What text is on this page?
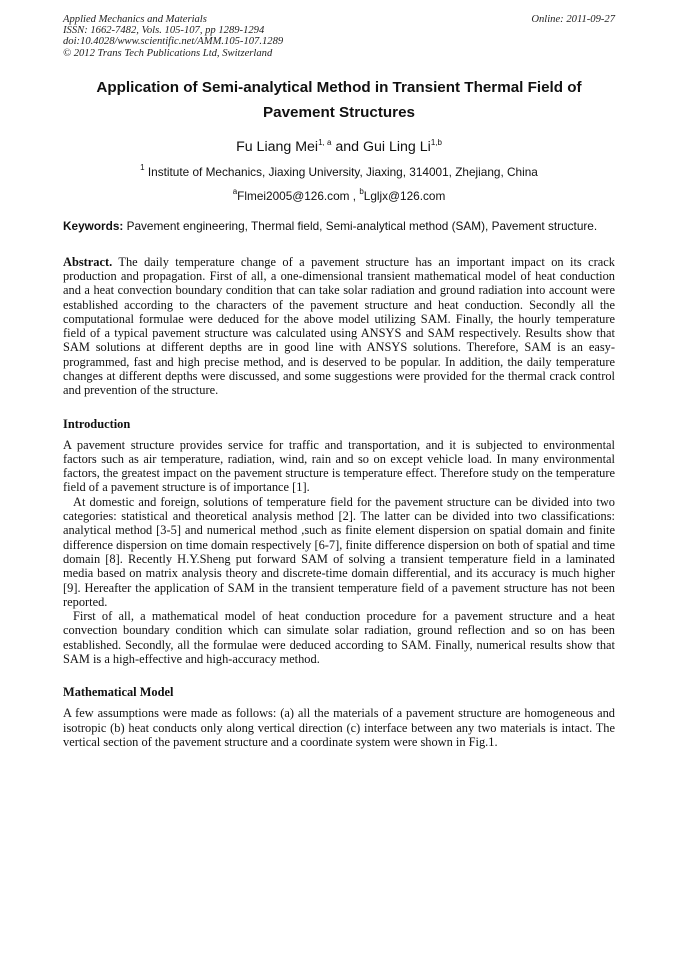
Applied Mechanics and Materials
ISSN: 1662-7482, Vols. 105-107, pp 1289-1294
doi:10.4028/www.scientific.net/AMM.105-107.1289
© 2012 Trans Tech Publications Ltd, Switzerland
Online: 2011-09-27
Application of Semi-analytical Method in Transient Thermal Field of
Pavement Structures
Fu Liang Mei$^{1, a}$ and Gui Ling Li$^{1,b}$
$^1$ Institute of Mechanics, Jiaxing University, Jiaxing, 314001, Zhejiang, China
$^a$Flmei2005@126.com , $^b$Lgljx@126.com
Keywords: Pavement engineering, Thermal field, Semi-analytical method (SAM), Pavement structure.
Abstract. The daily temperature change of a pavement structure has an important impact on its crack production and propagation. First of all, a one-dimensional transient mathematical model of heat conduction and a heat convection boundary condition that can take solar radiation and ground radiation into account were established according to the characters of the pavement structure and heat conduction. Secondly all the computational formulae were deduced for the above model utilizing SAM. Finally, the hourly temperature field of a typical pavement structure was calculated using ANSYS and SAM respectively. Results show that SAM solutions at different depths are in good line with ANSYS solutions. Therefore, SAM is an easy-programmed, fast and high precise method, and is deserved to be popular. In addition, the daily temperature changes at different depths were discussed, and some suggestions were provided for the thermal crack control and prevention of the structure.
Introduction

A pavement structure provides service for traffic and transportation, and it is subjected to environmental factors such as air temperature, radiation, wind, rain and so on except vehicle load. In many environmental factors, the greatest impact on the pavement structure is temperature effect. Therefore study on the temperature field of a pavement structure is of importance [1].

At domestic and foreign, solutions of temperature field for the pavement structure can be divided into two categories: statistical and theoretical analysis method [2]. The latter can be divided into two classifications: analytical method [3-5] and numerical method ,such as finite element dispersion on spatial domain and finite difference dispersion on time domain respectively [6-7], finite difference dispersion on both of spatial and time domain [8]. Recently H.Y.Sheng put forward SAM of solving a transient temperature field in a laminated media based on matrix analysis theory and discrete-time domain differential, and its accuracy is much higher [9]. Hereafter the application of SAM in the transient temperature field of a pavement structure has not been reported.

First of all, a mathematical model of heat conduction procedure for a pavement structure and a heat convection boundary condition which can simulate solar radiation, ground reflection and so on has been established. Secondly, all the formulae were deduced according to SAM. Finally, numerical results show that SAM is a high-effective and high-accuracy method.

Mathematical Model

A few assumptions were made as follows: (a) all the materials of a pavement structure are homogeneous and isotropic (b) heat conducts only along vertical direction (c) interface between any two materials is intact. The vertical section of the pavement structure and a coordinate system were shown in Fig.1.
